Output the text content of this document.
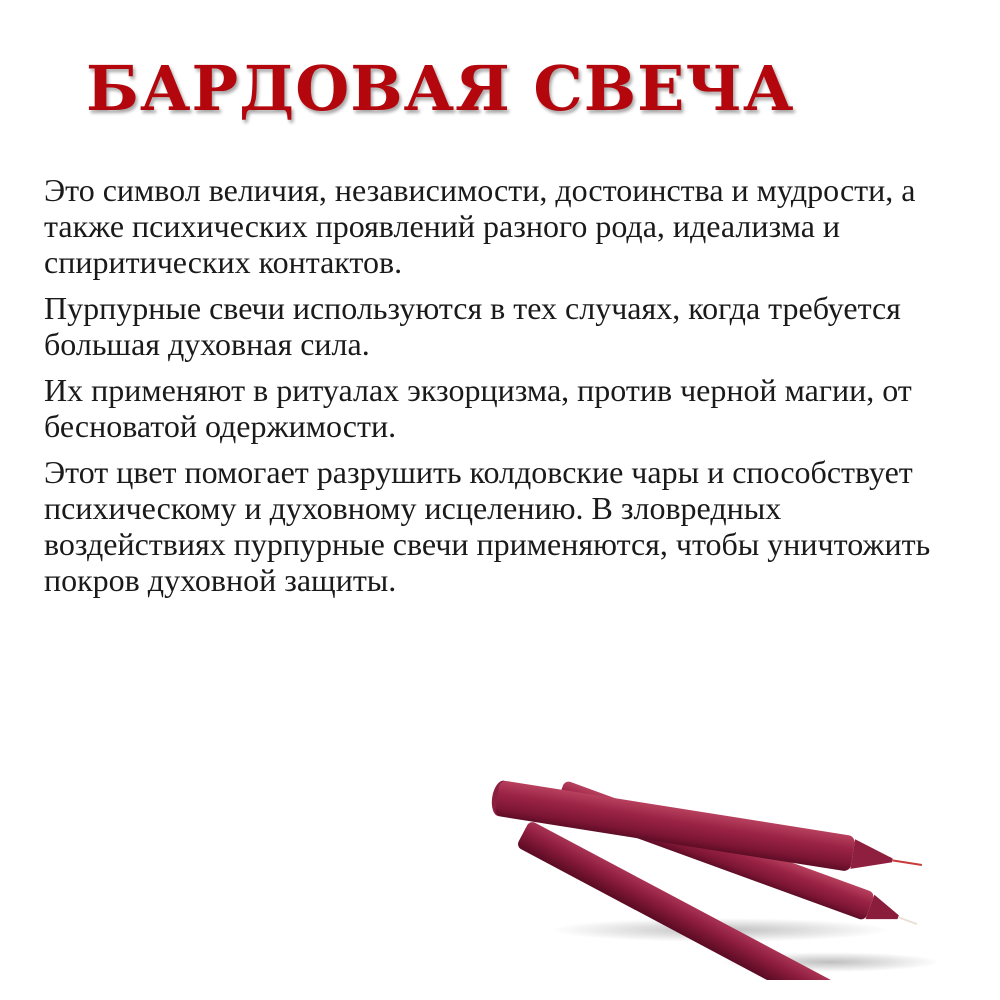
БАРДОВАЯ СВЕЧА

Это символ величия, независимости, достоинства и мудрости, а также психических проявлений разного рода, идеализма и спиритических контактов.

Пурпурные свечи используются в тех случаях, когда требуется большая духовная сила.

Их применяют в ритуалах экзорцизма, против черной магии, от бесноватой одержимости.

Этот цвет помогает разрушить колдовские чары и способствует психическому и духовному исцелению. В зловредных воздействиях пурпурные свечи применяются, чтобы уничтожить покров духовной защиты.
